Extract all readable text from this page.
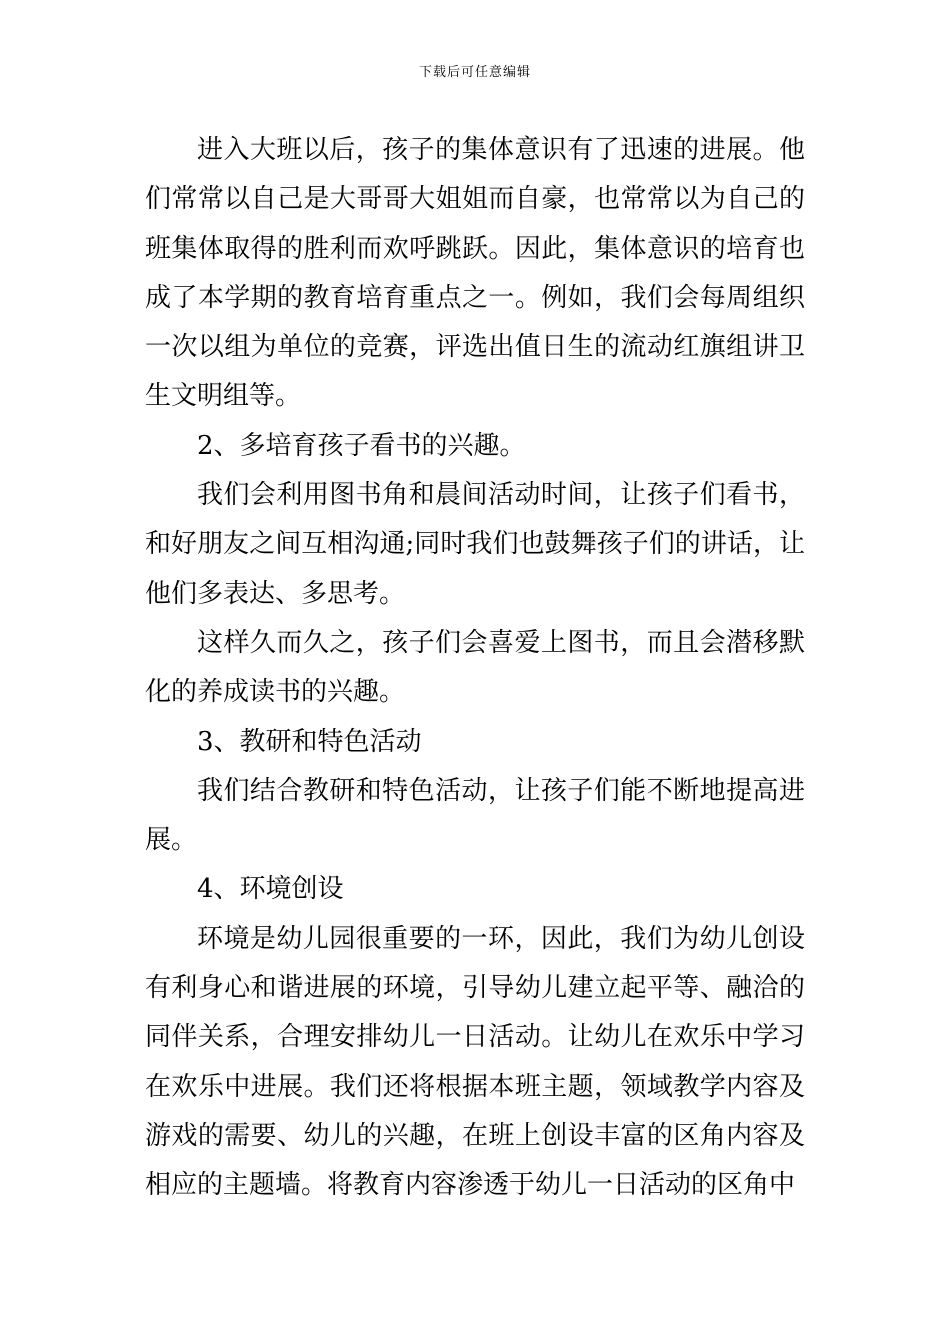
下载后可任意编辑

进入大班以后，孩子的集体意识有了迅速的进展。他们常常以自己是大哥哥大姐姐而自豪，也常常以为自己的班集体取得的胜利而欢呼跳跃。因此，集体意识的培育也成了本学期的教育培育重点之一。例如，我们会每周组织一次以组为单位的竞赛，评选出值日生的流动红旗组讲卫生文明组等。

2、多培育孩子看书的兴趣。

我们会利用图书角和晨间活动时间，让孩子们看书，和好朋友之间互相沟通;同时我们也鼓舞孩子们的讲话，让他们多表达、多思考。

这样久而久之，孩子们会喜爱上图书，而且会潜移默化的养成读书的兴趣。

3、教研和特色活动

我们结合教研和特色活动，让孩子们能不断地提高进展。

4、环境创设

环境是幼儿园很重要的一环，因此，我们为幼儿创设有利身心和谐进展的环境，引导幼儿建立起平等、融洽的同伴关系，合理安排幼儿一日活动。让幼儿在欢乐中学习在欢乐中进展。我们还将根据本班主题，领域教学内容及游戏的需要、幼儿的兴趣，在班上创设丰富的区角内容及相应的主题墙。将教育内容渗透于幼儿一日活动的区角中
